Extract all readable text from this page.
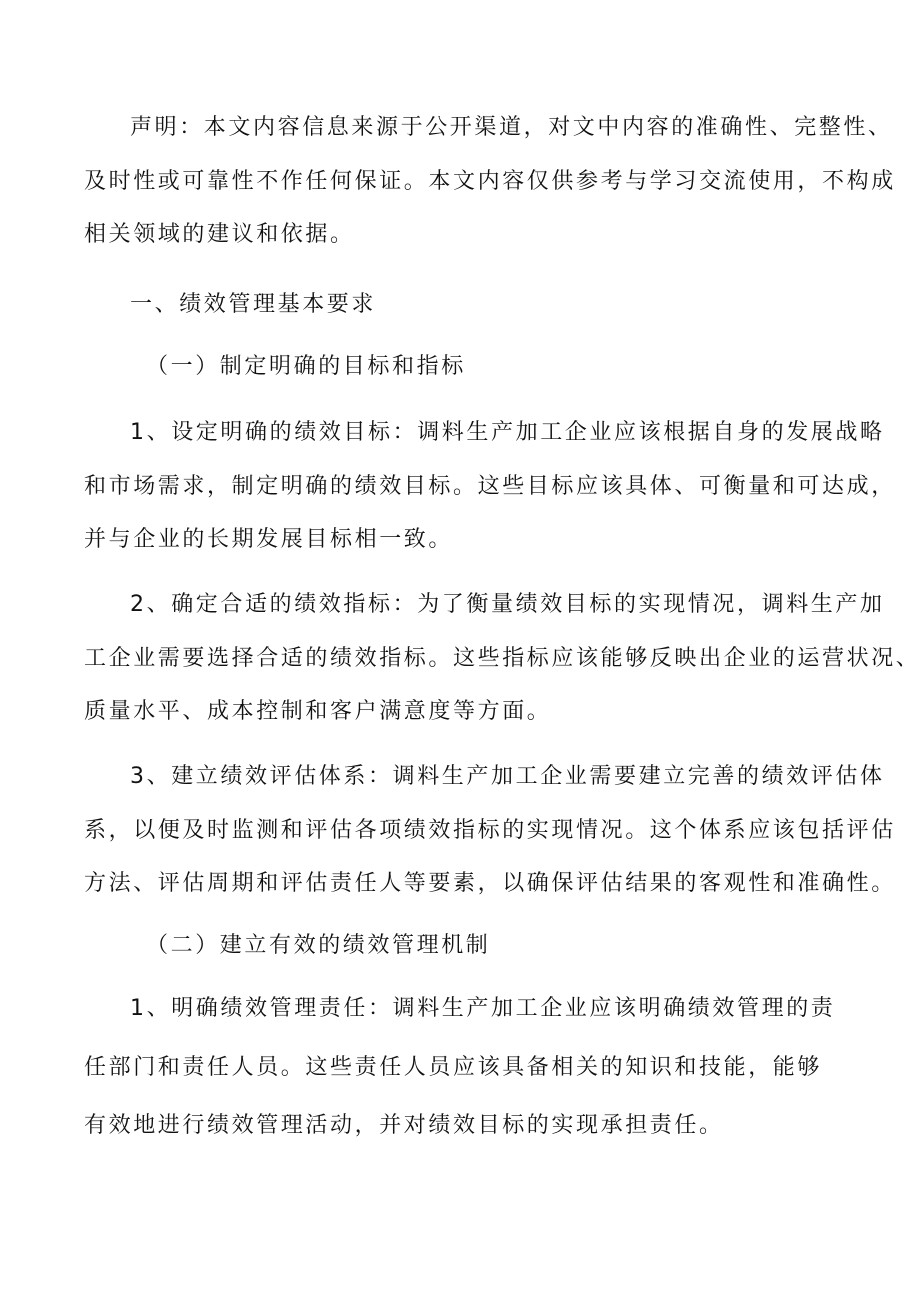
声明：本文内容信息来源于公开渠道，对文中内容的准确性、完整性、
及时性或可靠性不作任何保证。本文内容仅供参考与学习交流使用，不构成
相关领域的建议和依据。
一、绩效管理基本要求
（一）制定明确的目标和指标
1、设定明确的绩效目标：调料生产加工企业应该根据自身的发展战略
和市场需求，制定明确的绩效目标。这些目标应该具体、可衡量和可达成，
并与企业的长期发展目标相一致。
2、确定合适的绩效指标：为了衡量绩效目标的实现情况，调料生产加
工企业需要选择合适的绩效指标。这些指标应该能够反映出企业的运营状况、
质量水平、成本控制和客户满意度等方面。
3、建立绩效评估体系：调料生产加工企业需要建立完善的绩效评估体
系，以便及时监测和评估各项绩效指标的实现情况。这个体系应该包括评估
方法、评估周期和评估责任人等要素，以确保评估结果的客观性和准确性。
（二）建立有效的绩效管理机制
1、明确绩效管理责任：调料生产加工企业应该明确绩效管理的责
任部门和责任人员。这些责任人员应该具备相关的知识和技能，能够
有效地进行绩效管理活动，并对绩效目标的实现承担责任。
